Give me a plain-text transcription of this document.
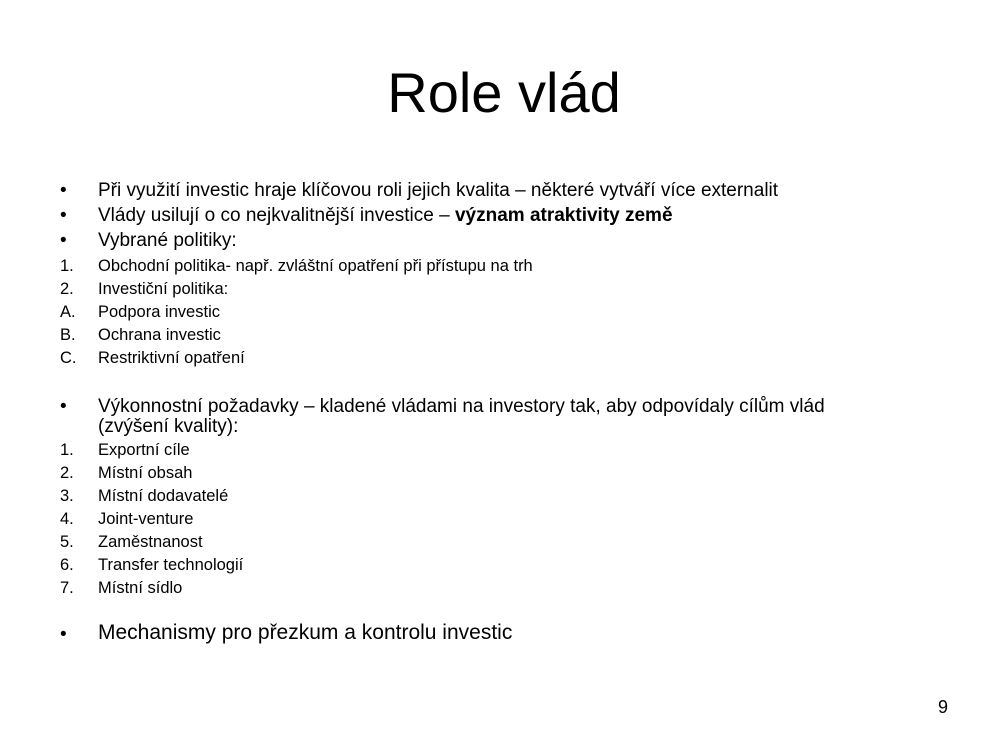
Role vlád
• Při využití investic hraje klíčovou roli jejich kvalita – některé vytváří více externalit
• Vlády usilují o co nejkvalitnější investice – význam atraktivity země
• Vybrané politiky:
1. Obchodní politika- např. zvláštní opatření při přístupu na trh
2. Investiční politika:
A. Podpora investic
B. Ochrana investic
C. Restriktivní opatření
• Výkonnostní požadavky – kladené vládami na investory tak, aby odpovídaly cílům vlád
(zvýšení kvality):
1. Exportní cíle
2. Místní obsah
3. Místní dodavatelé
4. Joint-venture
5. Zaměstnanost
6. Transfer technologií
7. Místní sídlo
• Mechanismy pro přezkum a kontrolu investic
9
